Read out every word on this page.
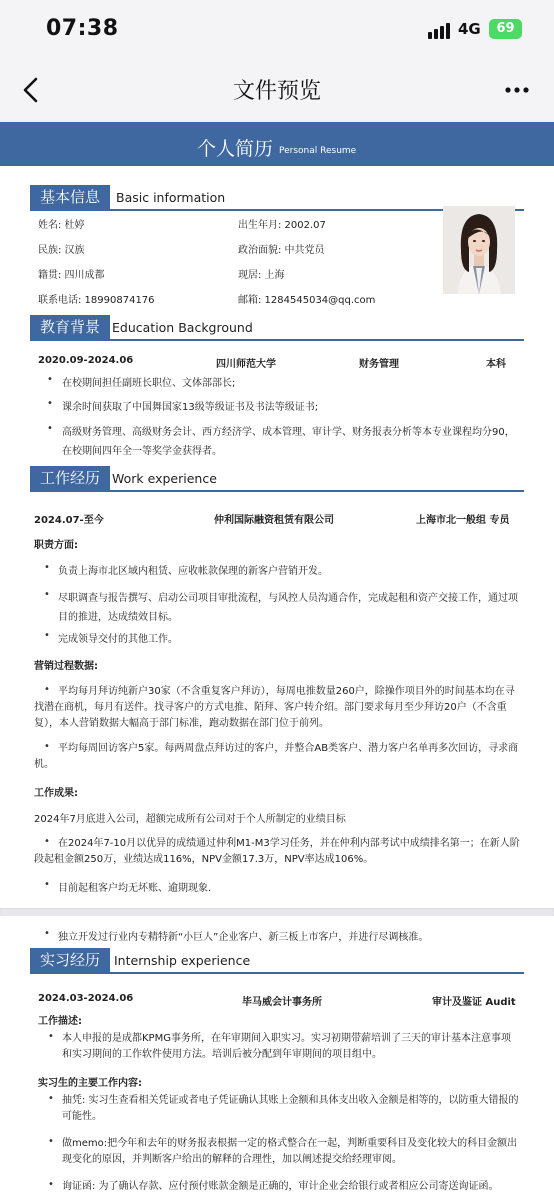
07:38	4G	69
文件预览
个人简历 Personal Resume
基本信息	Basic information
姓名: 杜婷	出生年月: 2002.07
民族: 汉族	政治面貌: 中共党员
籍贯: 四川成都	现居: 上海
联系电话: 18990874176	邮箱: 1284545034@qq.com
教育背景 Education Background
2020.09-2024.06	四川师范大学	财务管理	本科
• 在校期间担任副班长职位、文体部部长;
• 课余时间获取了中国舞国家13级等级证书及书法等级证书;
• 高级财务管理、高级财务会计、西方经济学、成本管理、审计学、财务报表分析等本专业课程均分90，在校期间四年全一等奖学金获得者。
工作经历 Work experience
2024.07-至今	仲利国际融资租赁有限公司	上海市北一般组 专员
职责方面:
• 负责上海市北区域内租赁、应收帐款保理的新客户营销开发。
• 尽职调查与报告撰写、启动公司项目审批流程，与风控人员沟通合作，完成起租和资产交接工作，通过项目的推进，达成绩效目标。
• 完成领导交付的其他工作。
营销过程数据:
• 平均每月拜访纯新户30家（不含重复客户拜访），每周电推数量260户，除操作项目外的时间基本均在寻找潜在商机，每月有送件。找寻客户的方式电推、陌拜、客户转介绍。部门要求每月至少拜访20户（不含重复），本人营销数据大幅高于部门标准，跑动数据在部门位于前列。
• 平均每周回访客户5家。每两周盘点拜访过的客户，并整合AB类客户、潜力客户名单再多次回访，寻求商机。
工作成果:
2024年7月底进入公司，超额完成所有公司对于个人所制定的业绩目标
• 在2024年7-10月以优异的成绩通过仲利M1-M3学习任务，并在仲利内部考试中成绩排名第一；在新人阶段起租金额250万，业绩达成116%，NPV金额17.3万，NPV率达成106%。
• 目前起租客户均无坏账、逾期现象.
• 独立开发过行业内专精特新“小巨人”企业客户、新三板上市客户，并进行尽调核准。
实习经历	Internship experience
2024.03-2024.06	毕马威会计事务所	审计及鉴证 Audit
工作描述:
• 本人申报的是成都KPMG事务所，在年审期间入职实习。实习初期带薪培训了三天的审计基本注意事项 和实习期间的工作软件使用方法。培训后被分配到年审期间的项目组中。
实习生的主要工作内容:
• 抽凭: 实习生查看相关凭证或者电子凭证确认其账上金额和具体支出收入金额是相等的，以防重大错报的可能性。
• 做memo:把今年和去年的财务报表根据一定的格式整合在一起，判断重要科目及变化较大的科目金额出 现变化的原因，并判断客户给出的解释的合理性，加以阐述提交给经理审阅。
• 询证函: 为了确认存款、应付预付账款金额是正确的，审计企业会给银行或者相应公司寄送询证函。
